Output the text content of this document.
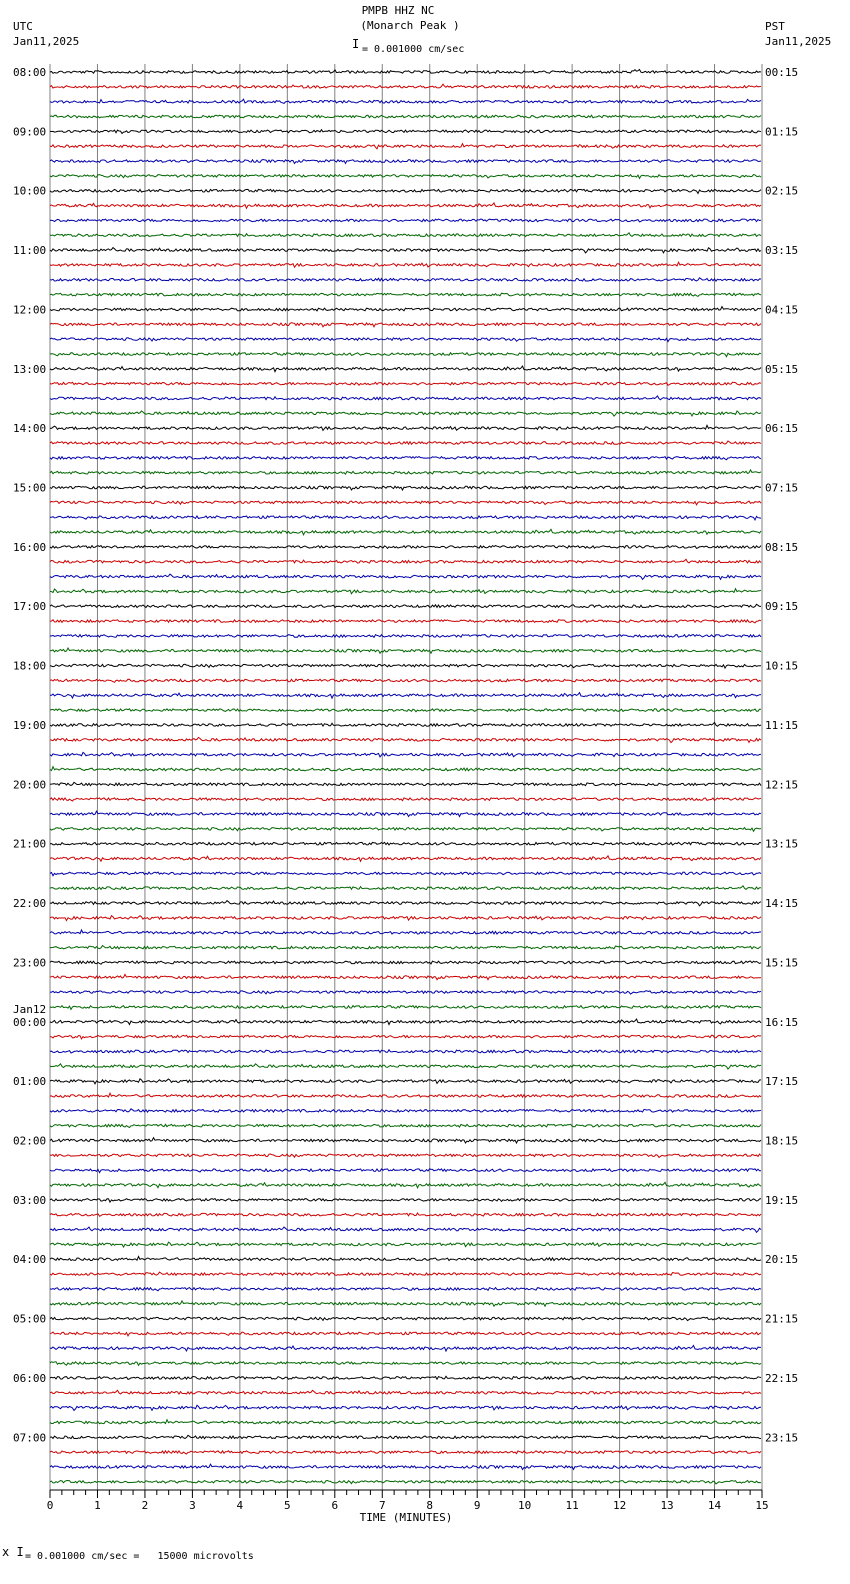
PMPB HHZ NC
(Monarch Peak )
I = 0.001000 cm/sec
UTC
Jan11,2025
PST
Jan11,2025
08:00
09:00
10:00
11:00
12:00
13:00
14:00
15:00
16:00
17:00
18:00
19:00
20:00
21:00
22:00
23:00
00:00
Jan12
01:00
02:00
03:00
04:00
05:00
06:00
07:00
00:15
01:15
02:15
03:15
04:15
05:15
06:15
07:15
08:15
09:15
10:15
11:15
12:15
13:15
14:15
15:15
16:15
17:15
18:15
19:15
20:15
21:15
22:15
23:15
0	1	2	3	4	5	6	7	8	9	10	11	12	13	14	15
TIME (MINUTES)
x I = 0.001000 cm/sec =   15000 microvolts
